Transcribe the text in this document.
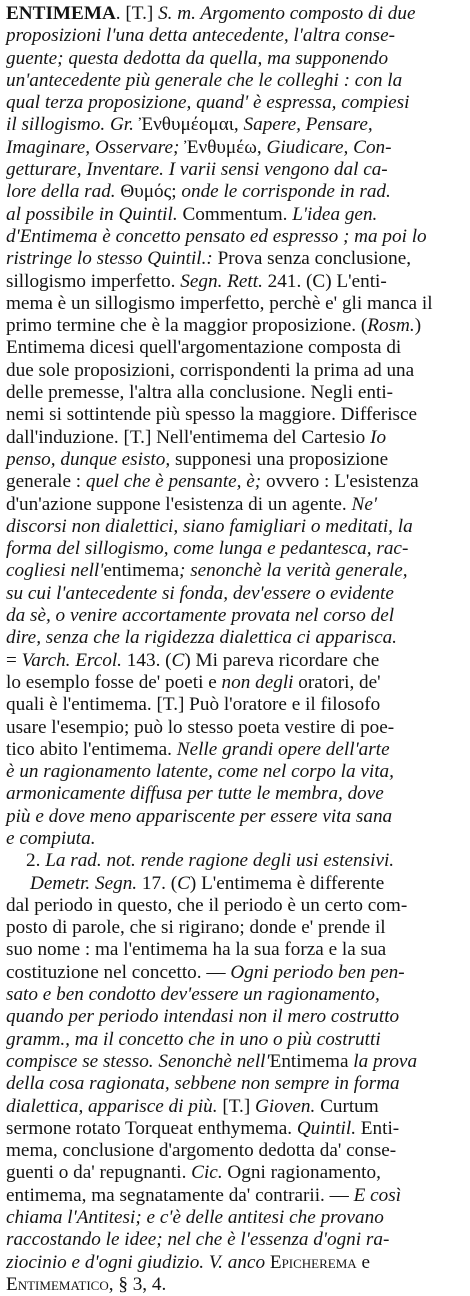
ENTIMEMA. [T.] S. m. Argomento composto di due
proposizioni l'una detta antecedente, l'altra conse-
guente; questa dedotta da quella, ma supponendo
un'antecedente più generale che le colleghi : con la
qual terza proposizione, quand' è espressa, compiesi
il sillogismo. Gr. Ἐνθυμέομαι, Sapere, Pensare,
Imaginare, Osservare; Ἐνθυμέω, Giudicare, Con-
getturare, Inventare. I varii sensi vengono dal ca-
lore della rad. Θυμός; onde le corrisponde in rad.
al possibile in Quintil. Commentum. L'idea gen.
d'Entimema è concetto pensato ed espresso ; ma poi lo
ristringe lo stesso Quintil.: Prova senza conclusione,
sillogismo imperfetto. Segn. Rett. 241. (C) L'enti-
mema è un sillogismo imperfetto, perchè e' gli manca il
primo termine che è la maggior proposizione. (Rosm.)
Entimema dicesi quell'argomentazione composta di
due sole proposizioni, corrispondenti la prima ad una
delle premesse, l'altra alla conclusione. Negli enti-
nemi si sottintende più spesso la maggiore. Differisce
dall'induzione. [T.] Nell'entimema del Cartesio Io
penso, dunque esisto, supponesi una proposizione
generale : quel che è pensante, è; ovvero : L'esistenza
d'un'azione suppone l'esistenza di un agente. Ne'
discorsi non dialettici, siano famigliari o meditati, la
forma del sillogismo, come lunga e pedantesca, rac-
cogliesi nell'entimema; senonchè la verità generale,
su cui l'antecedente si fonda, dev'essere o evidente
da sè, o venire accortamente provata nel corso del
dire, senza che la rigidezza dialettica ci apparisca.
= Varch. Ercol. 143. (C) Mi pareva ricordare che
lo esemplo fosse de' poeti e non degli oratori, de'
quali è l'entimema. [T.] Può l'oratore e il filosofo
usare l'esempio; può lo stesso poeta vestire di poe-
tico abito l'entimema. Nelle grandi opere dell'arte
è un ragionamento latente, come nel corpo la vita,
armonicamente diffusa per tutte le membra, dove
più e dove meno appariscente per essere vita sana
e compiuta.
2. La rad. not. rende ragione degli usi estensivi.
Demetr. Segn. 17. (C) L'entimema è differente
dal periodo in questo, che il periodo è un certo com-
posto di parole, che si rigirano; donde e' prende il
suo nome : ma l'entimema ha la sua forza e la sua
costituzione nel concetto. — Ogni periodo ben pen-
sato e ben condotto dev'essere un ragionamento,
quando per periodo intendasi non il mero costrutto
gramm., ma il concetto che in uno o più costrutti
compisce se stesso. Senonchè nell'Entimema la prova
della cosa ragionata, sebbene non sempre in forma
dialettica, apparisce di più. [T.] Gioven. Curtum
sermone rotato Torqueat enthymema. Quintil. Enti-
mema, conclusione d'argomento dedotta da' conse-
guenti o da' repugnanti. Cic. Ogni ragionamento,
entimema, ma segnatamente da' contrarii. — E così
chiama l'Antitesi; e c'è delle antitesi che provano
raccostando le idee; nel che è l'essenza d'ogni ra-
ziocinio e d'ogni giudizio. V. anco Epicherema e
Entimematico, § 3, 4.
